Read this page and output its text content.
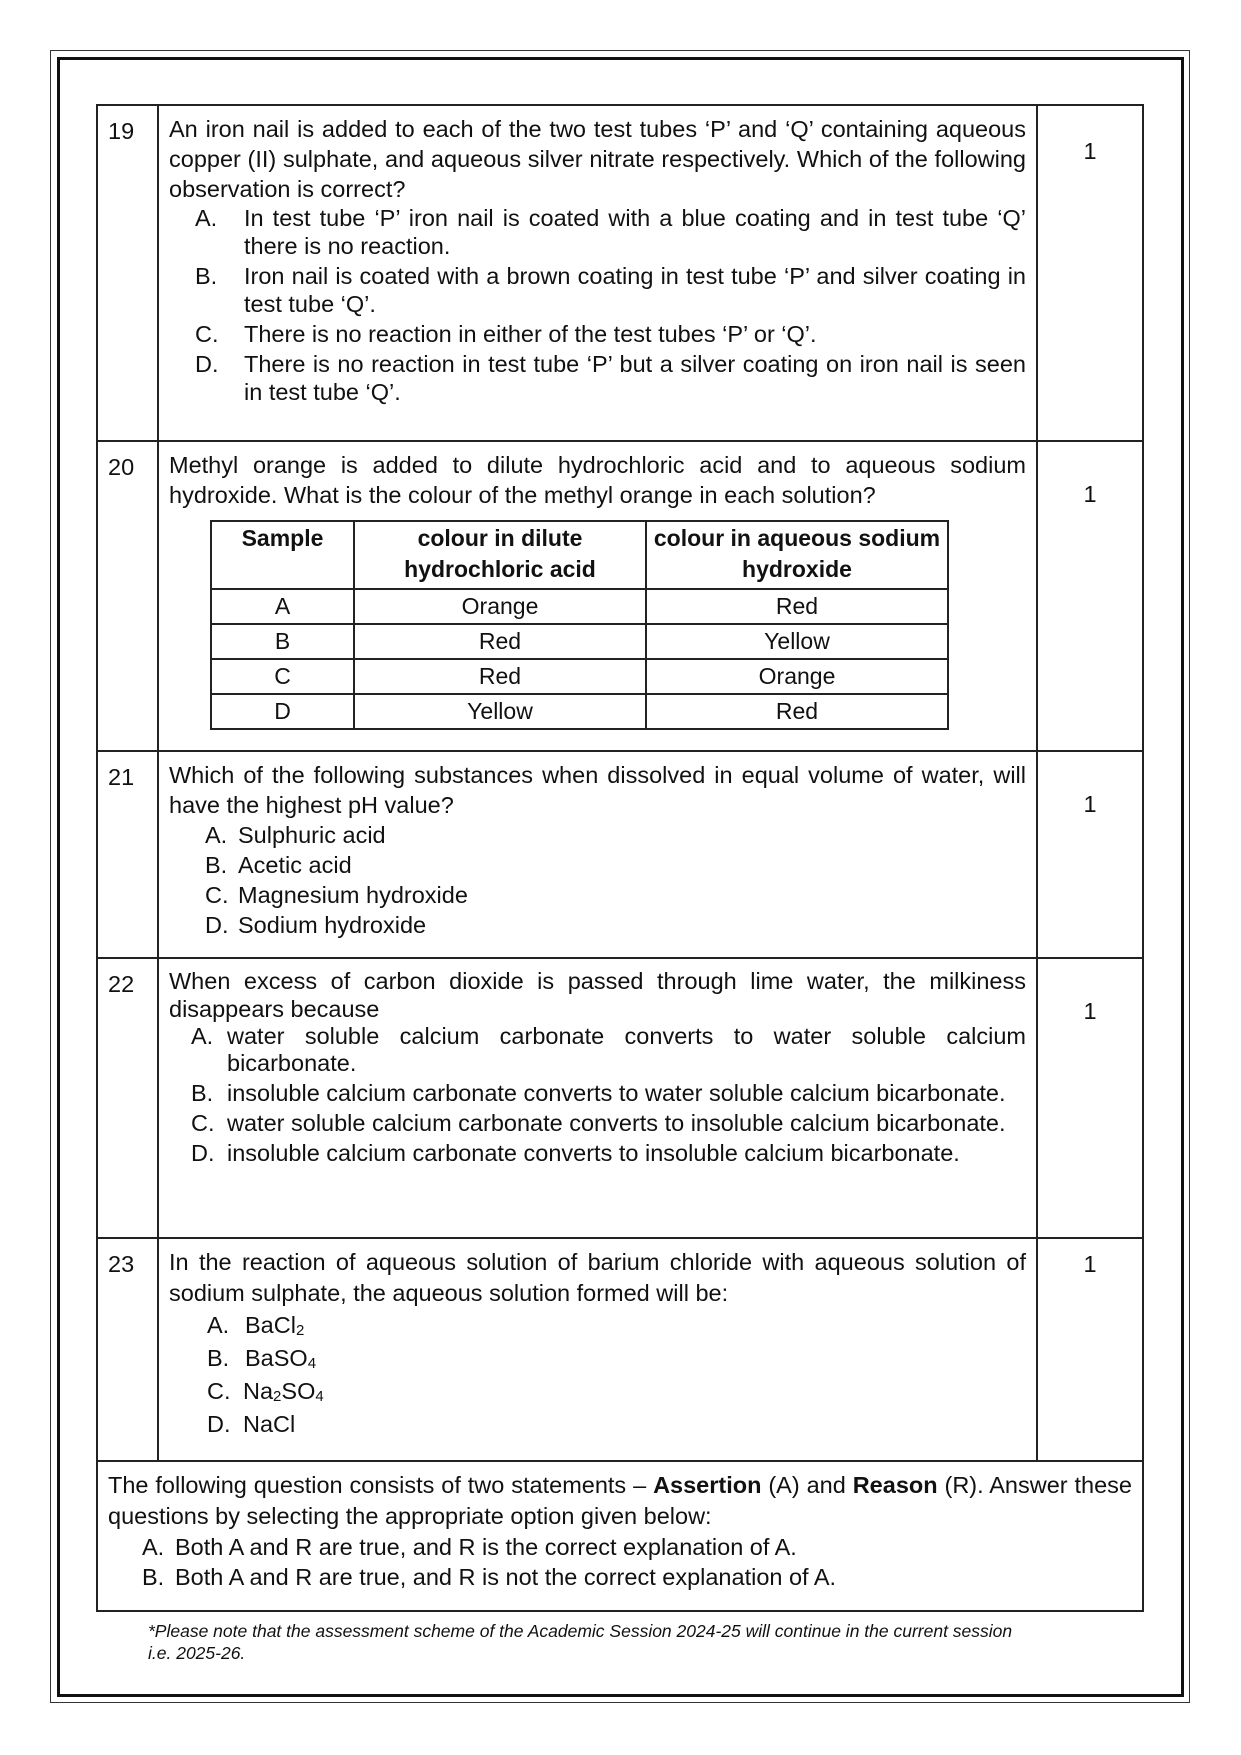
19	An iron nail is added to each of the two test tubes ‘P’ and ‘Q’ containing aqueous copper (II) sulphate, and aqueous silver nitrate respectively. Which of the following observation is correct?
A.	In test tube ‘P’ iron nail is coated with a blue coating and in test tube ‘Q’ there is no reaction.
B.	Iron nail is coated with a brown coating in test tube ‘P’ and silver coating in test tube ‘Q’.
C.	There is no reaction in either of the test tubes ‘P’ or ‘Q’.
D.	There is no reaction in test tube ‘P’ but a silver coating on iron nail is seen in test tube ‘Q’.
	1
20	Methyl orange is added to dilute hydrochloric acid and to aqueous sodium hydroxide. What is the colour of the methyl orange in each solution?
Sample	colour in dilute hydrochloric acid	colour in aqueous sodium hydroxide
A	Orange	Red
B	Red	Yellow
C	Red	Orange
D	Yellow	Red
	1
21	Which of the following substances when dissolved in equal volume of water, will have the highest pH value?
A. Sulphuric acid
B. Acetic acid
C. Magnesium hydroxide
D. Sodium hydroxide
	1
22	When excess of carbon dioxide is passed through lime water, the milkiness disappears because
A. water soluble calcium carbonate converts to water soluble calcium bicarbonate.
B. insoluble calcium carbonate converts to water soluble calcium bicarbonate.
C. water soluble calcium carbonate converts to insoluble calcium bicarbonate.
D. insoluble calcium carbonate converts to insoluble calcium bicarbonate.
	1
23	In the reaction of aqueous solution of barium chloride with aqueous solution of sodium sulphate, the aqueous solution formed will be:
A. BaCl$_2$
B. BaSO$_4$
C. $Na_2SO_4$
D. NaCl
	1

The following question consists of two statements – Assertion (A) and Reason (R). Answer these questions by selecting the appropriate option given below:
A. Both A and R are true, and R is the correct explanation of A.
B. Both A and R are true, and R is not the correct explanation of A.
*Please note that the assessment scheme of the Academic Session 2024-25 will continue in the current session
i.e. 2025-26.
